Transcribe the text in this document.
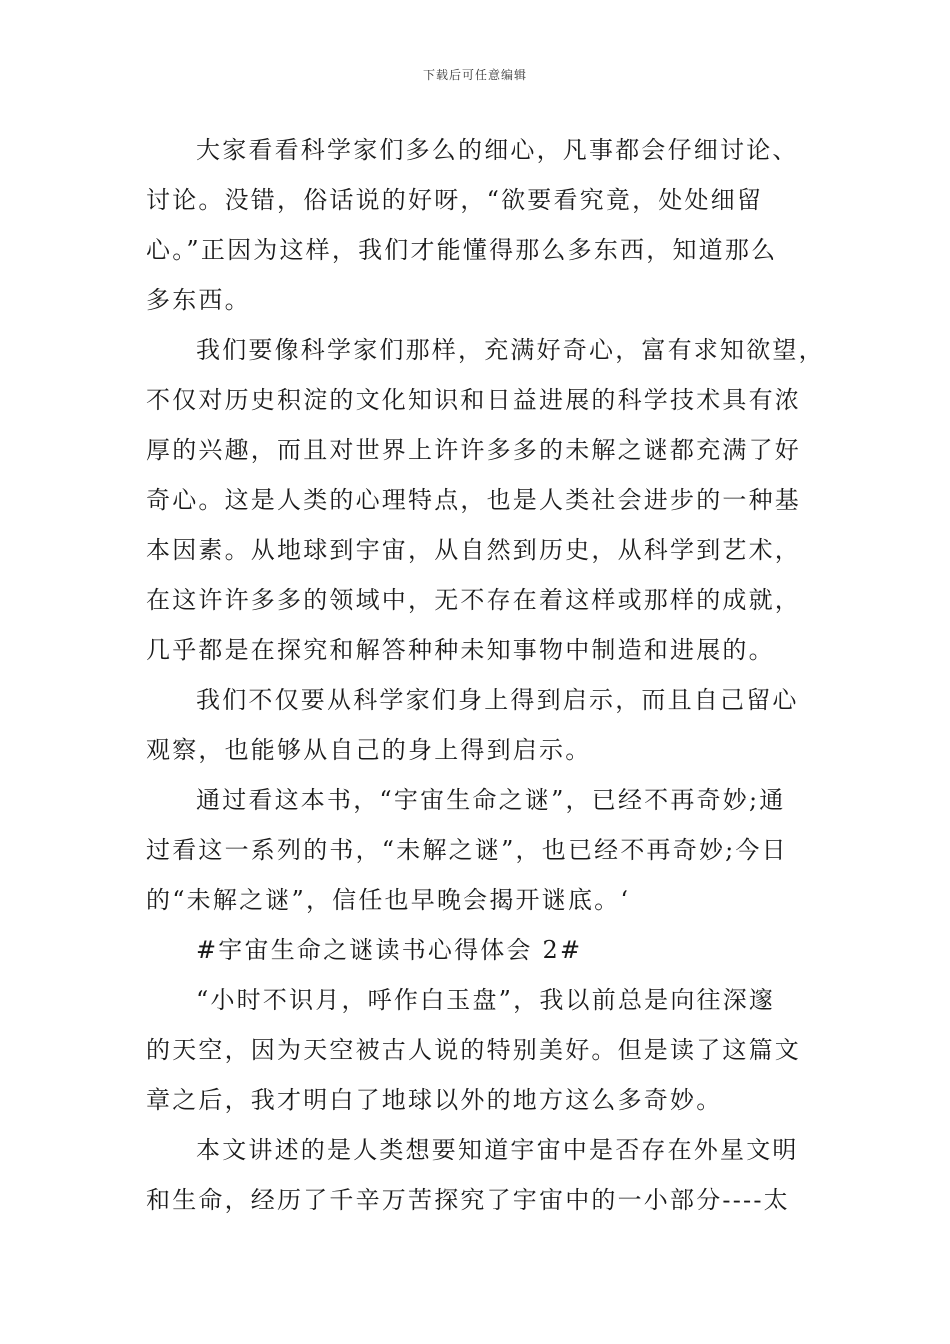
下载后可任意编辑
大家看看科学家们多么的细心，凡事都会仔细讨论、
讨论。没错，俗话说的好呀，“欲要看究竟，处处细留
心。”正因为这样，我们才能懂得那么多东西，知道那么
多东西。
我们要像科学家们那样，充满好奇心，富有求知欲望，
不仅对历史积淀的文化知识和日益进展的科学技术具有浓
厚的兴趣，而且对世界上许许多多的未解之谜都充满了好
奇心。这是人类的心理特点，也是人类社会进步的一种基
本因素。从地球到宇宙，从自然到历史，从科学到艺术，
在这许许多多的领域中，无不存在着这样或那样的成就，
几乎都是在探究和解答种种未知事物中制造和进展的。
我们不仅要从科学家们身上得到启示，而且自己留心
观察，也能够从自己的身上得到启示。
通过看这本书，“宇宙生命之谜”，已经不再奇妙;通
过看这一系列的书，“未解之谜”，也已经不再奇妙;今日
的“未解之谜”，信任也早晚会揭开谜底。‘
#宇宙生命之谜读书心得体会 2#
“小时不识月，呼作白玉盘”，我以前总是向往深邃
的天空，因为天空被古人说的特别美好。但是读了这篇文
章之后，我才明白了地球以外的地方这么多奇妙。
本文讲述的是人类想要知道宇宙中是否存在外星文明
和生命，经历了千辛万苦探究了宇宙中的一小部分----太
